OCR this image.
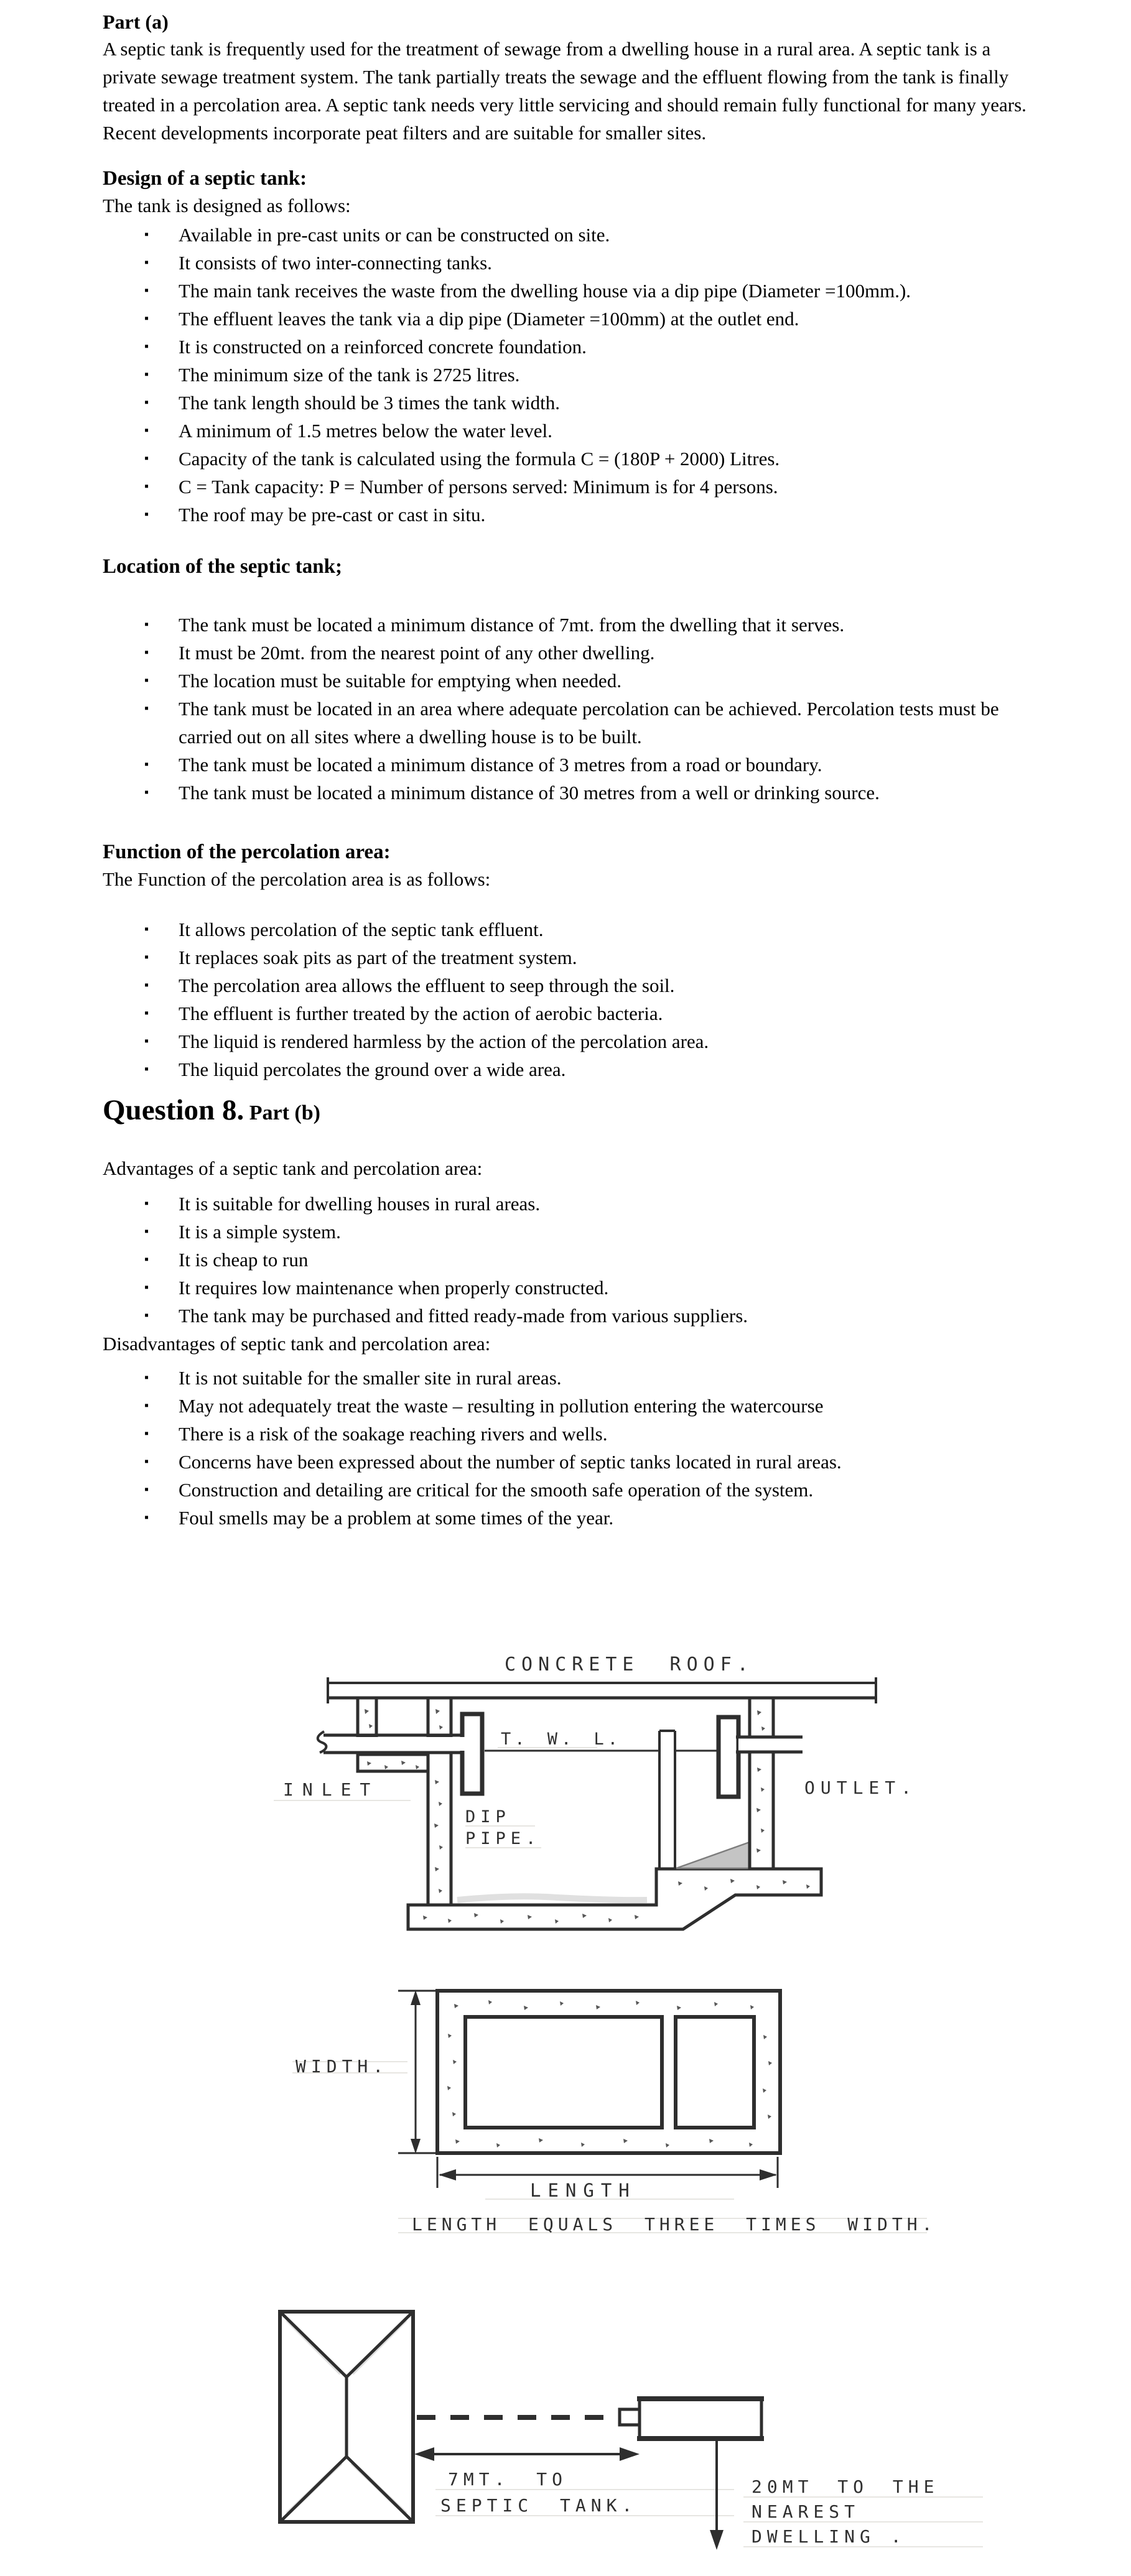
Part (a)

A septic tank is frequently used for the treatment of sewage from a dwelling house in a rural area. A septic tank is a private sewage treatment system. The tank partially treats the sewage and the effluent flowing from the tank is finally treated in a percolation area. A septic tank needs very little servicing and should remain fully functional for many years. Recent developments incorporate peat filters and are suitable for smaller sites.

Design of a septic tank:

The tank is designed as follows:

▪ Available in pre-cast units or can be constructed on site.
▪ It consists of two inter-connecting tanks.
▪ The main tank receives the waste from the dwelling house via a dip pipe (Diameter =100mm.).
▪ The effluent leaves the tank via a dip pipe (Diameter =100mm) at the outlet end.
▪ It is constructed on a reinforced concrete foundation.
▪ The minimum size of the tank is 2725 litres.
▪ The tank length should be 3 times the tank width.
▪ A minimum of 1.5 metres below the water level.
▪ Capacity of the tank is calculated using the formula C = (180P + 2000) Litres.
▪ C = Tank capacity: P = Number of persons served: Minimum is for 4 persons.
▪ The roof may be pre-cast or cast in situ.
Location of the septic tank;
▪ The tank must be located a minimum distance of 7mt. from the dwelling that it serves.
▪ It must be 20mt. from the nearest point of any other dwelling.
▪ The location must be suitable for emptying when needed.
▪ The tank must be located in an area where adequate percolation can be achieved. Percolation tests must be carried out on all sites where a dwelling house is to be built.
▪ The tank must be located a minimum distance of 3 metres from a road or boundary.
▪ The tank must be located a minimum distance of 30 metres from a well or drinking source.
Function of the percolation area:

The Function of the percolation area is as follows:

▪ It allows percolation of the septic tank effluent.
▪ It replaces soak pits as part of the treatment system.
▪ The percolation area allows the effluent to seep through the soil.
▪ The effluent is further treated by the action of aerobic bacteria.
▪ The liquid is rendered harmless by the action of the percolation area.
▪ The liquid percolates the ground over a wide area.
Question 8. Part (b)

Advantages of a septic tank and percolation area:

▪ It is suitable for dwelling houses in rural areas.
▪ It is a simple system.
▪ It is cheap to run
▪ It requires low maintenance when properly constructed.
▪ The tank may be purchased and fitted ready-made from various suppliers.

Disadvantages of septic tank and percolation area:

▪ It is not suitable for the smaller site in rural areas.
▪ May not adequately treat the waste – resulting in pollution entering the watercourse
▪ There is a risk of the soakage reaching rivers and wells.
▪ Concerns have been expressed about the number of septic tanks located in rural areas.
▪ Construction and detailing are critical for the smooth safe operation of the system.
▪ Foul smells may be a problem at some times of the year.
CONCRETE ROOF.
T. W. L.
INLET	OUTLET.
DIP
PIPE.
WIDTH.
LENGTH
LENGTH EQUALS THREE TIMES WIDTH.
7MT. TO
SEPTIC TANK.
20MT TO THE
NEAREST
DWELLING .
